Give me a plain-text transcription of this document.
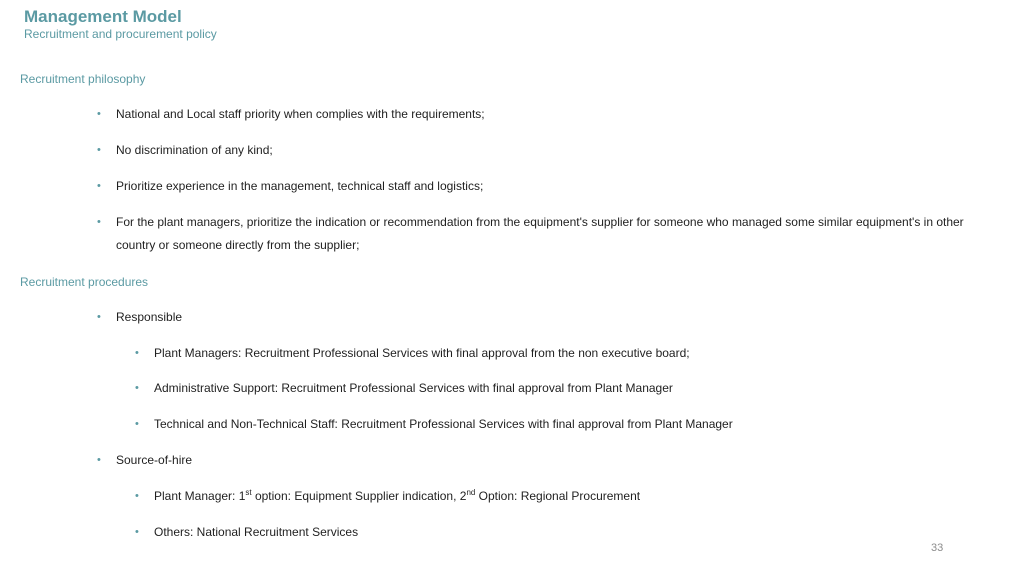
Management Model
Recruitment and procurement policy
Recruitment philosophy
• National and Local staff priority when complies with the requirements;
• No discrimination of any kind;
• Prioritize experience in the management, technical staff and logistics;
• For the plant managers, prioritize the indication or recommendation from the equipment's supplier for someone who managed some similar equipment's in other country or someone directly from the supplier;
Recruitment procedures
• Responsible
• Plant Managers: Recruitment Professional Services with final approval from the non executive board;
• Administrative Support: Recruitment Professional Services with final approval from Plant Manager
• Technical and Non-Technical Staff: Recruitment Professional Services with final approval from Plant Manager
• Source-of-hire
• Plant Manager: 1st option: Equipment Supplier indication, 2nd Option: Regional Procurement
• Others: National Recruitment Services
33
